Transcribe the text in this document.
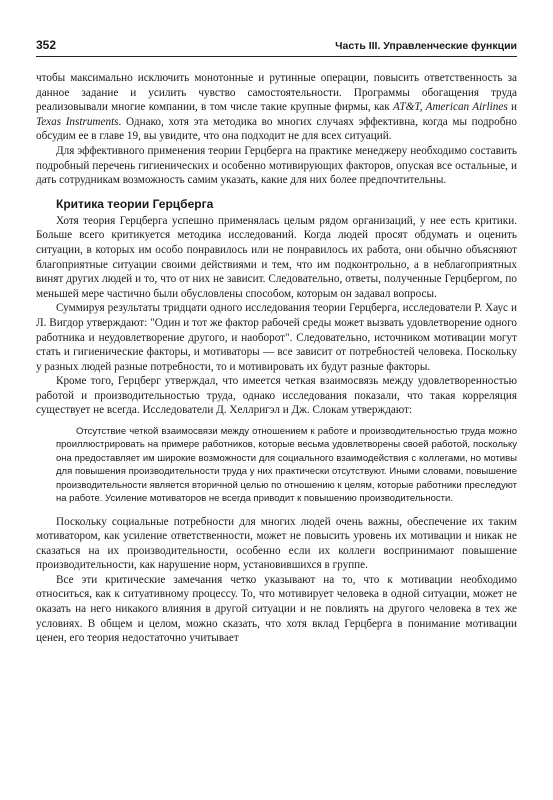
352	Часть III. Управленческие функции

чтобы максимально исключить монотонные и рутинные операции, повысить ответственность за данное задание и усилить чувство самостоятельности. Программы обогащения труда реализовывали многие компании, в том числе такие крупные фирмы, как AT&T, American Airlines и Texas Instruments. Однако, хотя эта методика во многих случаях эффективна, когда мы подробно обсудим ее в главе 19, вы увидите, что она подходит не для всех ситуаций.

Для эффективного применения теории Герцберга на практике менеджеру необходимо составить подробный перечень гигиенических и особенно мотивирующих факторов, опуская все остальные, и дать сотрудникам возможность самим указать, какие для них более предпочтительны.

Критика теории Герцберга

Хотя теория Герцберга успешно применялась целым рядом организаций, у нее есть критики. Больше всего критикуется методика исследований. Когда людей просят обдумать и оценить ситуации, в которых им особо понравилось или не понравилось их работа, они обычно объясняют благоприятные ситуации своими действиями и тем, что им подконтрольно, а в неблагоприятных винят других людей и то, что от них не зависит. Следовательно, ответы, полученные Герцбергом, по меньшей мере частично были обусловлены способом, которым он задавал вопросы.

Суммируя результаты тридцати одного исследования теории Герцберга, исследователи Р. Хаус и Л. Вигдор утверждают: "Один и тот же фактор рабочей среды может вызвать удовлетворение одного работника и неудовлетворение другого, и наоборот". Следовательно, источником мотивации могут стать и гигиенические факторы, и мотиваторы — все зависит от потребностей человека. Поскольку у разных людей разные потребности, то и мотивировать их будут разные факторы.

Кроме того, Герцберг утверждал, что имеется четкая взаимосвязь между удовлетворенностью работой и производительностью труда, однако исследования показали, что такая корреляция существует не всегда. Исследователи Д. Хеллригэл и Дж. Слокам утверждают:

Отсутствие четкой взаимосвязи между отношением к работе и производительностью труда можно проиллюстрировать на примере работников, которые весьма удовлетворены своей работой, поскольку она предоставляет им широкие возможности для социального взаимодействия с коллегами, но мотивы для повышения производительности труда у них практически отсутствуют. Иными словами, повышение производительности является вторичной целью по отношению к целям, которые работники преследуют на работе. Усиление мотиваторов не всегда приводит к повышению производительности.

Поскольку социальные потребности для многих людей очень важны, обеспечение их таким мотиватором, как усиление ответственности, может не повысить уровень их мотивации и никак не сказаться на их производительности, особенно если их коллеги воспринимают повышение производительности, как нарушение норм, установившихся в группе.

Все эти критические замечания четко указывают на то, что к мотивации необходимо относиться, как к ситуативному процессу. То, что мотивирует человека в одной ситуации, может не оказать на него никакого влияния в другой ситуации и не повлиять на другого человека в тех же условиях. В общем и целом, можно сказать, что хотя вклад Герцберга в понимание мотивации ценен, его теория недостаточно учитывает
